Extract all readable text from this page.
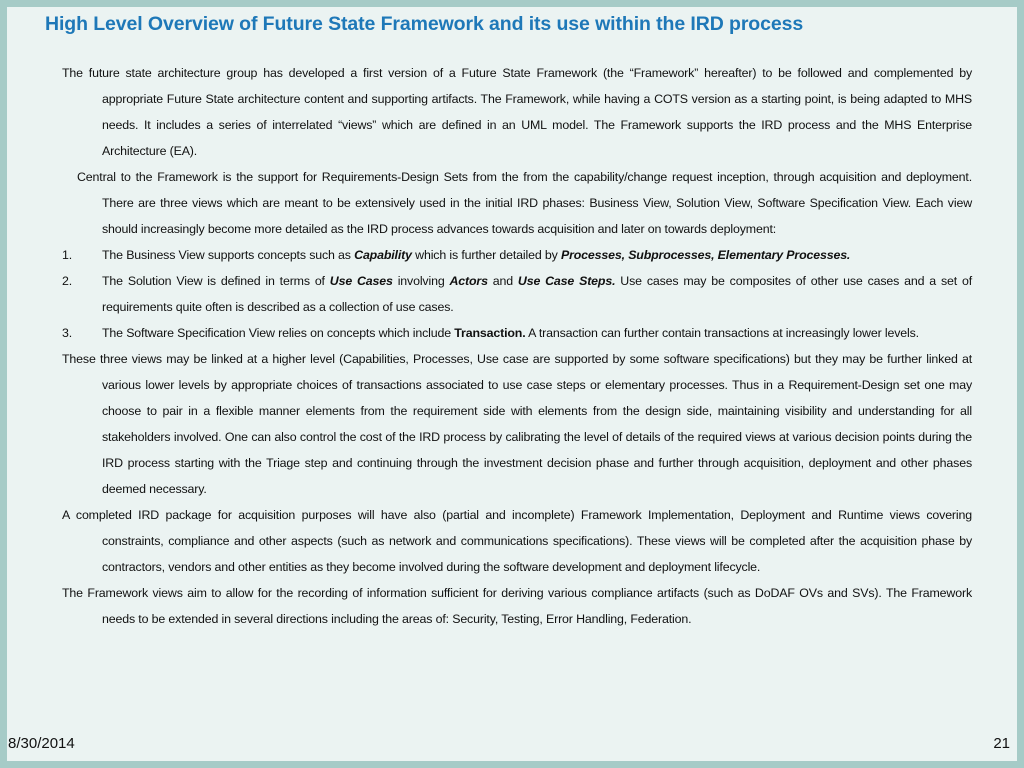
High Level Overview of Future State Framework and its use within the IRD process

The future state architecture group has developed a first version of a Future State Framework (the “Framework” hereafter) to be followed and complemented by appropriate Future State architecture content and supporting artifacts. The Framework, while having a COTS version as a starting point, is being adapted to MHS needs. It includes a series of interrelated “views” which are defined in an UML model. The Framework supports the IRD process and the MHS Enterprise Architecture (EA).

Central to the Framework is the support for Requirements-Design Sets from the from the capability/change request inception, through acquisition and deployment. There are three views which are meant to be extensively used in the initial IRD phases: Business View, Solution View, Software Specification View. Each view should increasingly become more detailed as the IRD process advances towards acquisition and later on towards deployment:

1. The Business View supports concepts such as Capability which is further detailed by Processes, Subprocesses, Elementary Processes.
2. The Solution View is defined in terms of Use Cases involving Actors and Use Case Steps. Use cases may be composites of other use cases and a set of requirements quite often is described as a collection of use cases.
3. The Software Specification View relies on concepts which include Transaction. A transaction can further contain transactions at increasingly lower levels.

These three views may be linked at a higher level (Capabilities, Processes, Use case are supported by some software specifications) but they may be further linked at various lower levels by appropriate choices of transactions associated to use case steps or elementary processes. Thus in a Requirement-Design set one may choose to pair in a flexible manner elements from the requirement side with elements from the design side, maintaining visibility and understanding for all stakeholders involved. One can also control the cost of the IRD process by calibrating the level of details of the required views at various decision points during the IRD process starting with the Triage step and continuing through the investment decision phase and further through acquisition, deployment and other phases deemed necessary.

A completed IRD package for acquisition purposes will have also (partial and incomplete) Framework Implementation, Deployment and Runtime views covering constraints, compliance and other aspects (such as network and communications specifications). These views will be completed after the acquisition phase by contractors, vendors and other entities as they become involved during the software development and deployment lifecycle.

The Framework views aim to allow for the recording of information sufficient for deriving various compliance artifacts (such as DoDAF OVs and SVs). The Framework needs to be extended in several directions including the areas of: Security, Testing, Error Handling, Federation.

8/30/2014	21
